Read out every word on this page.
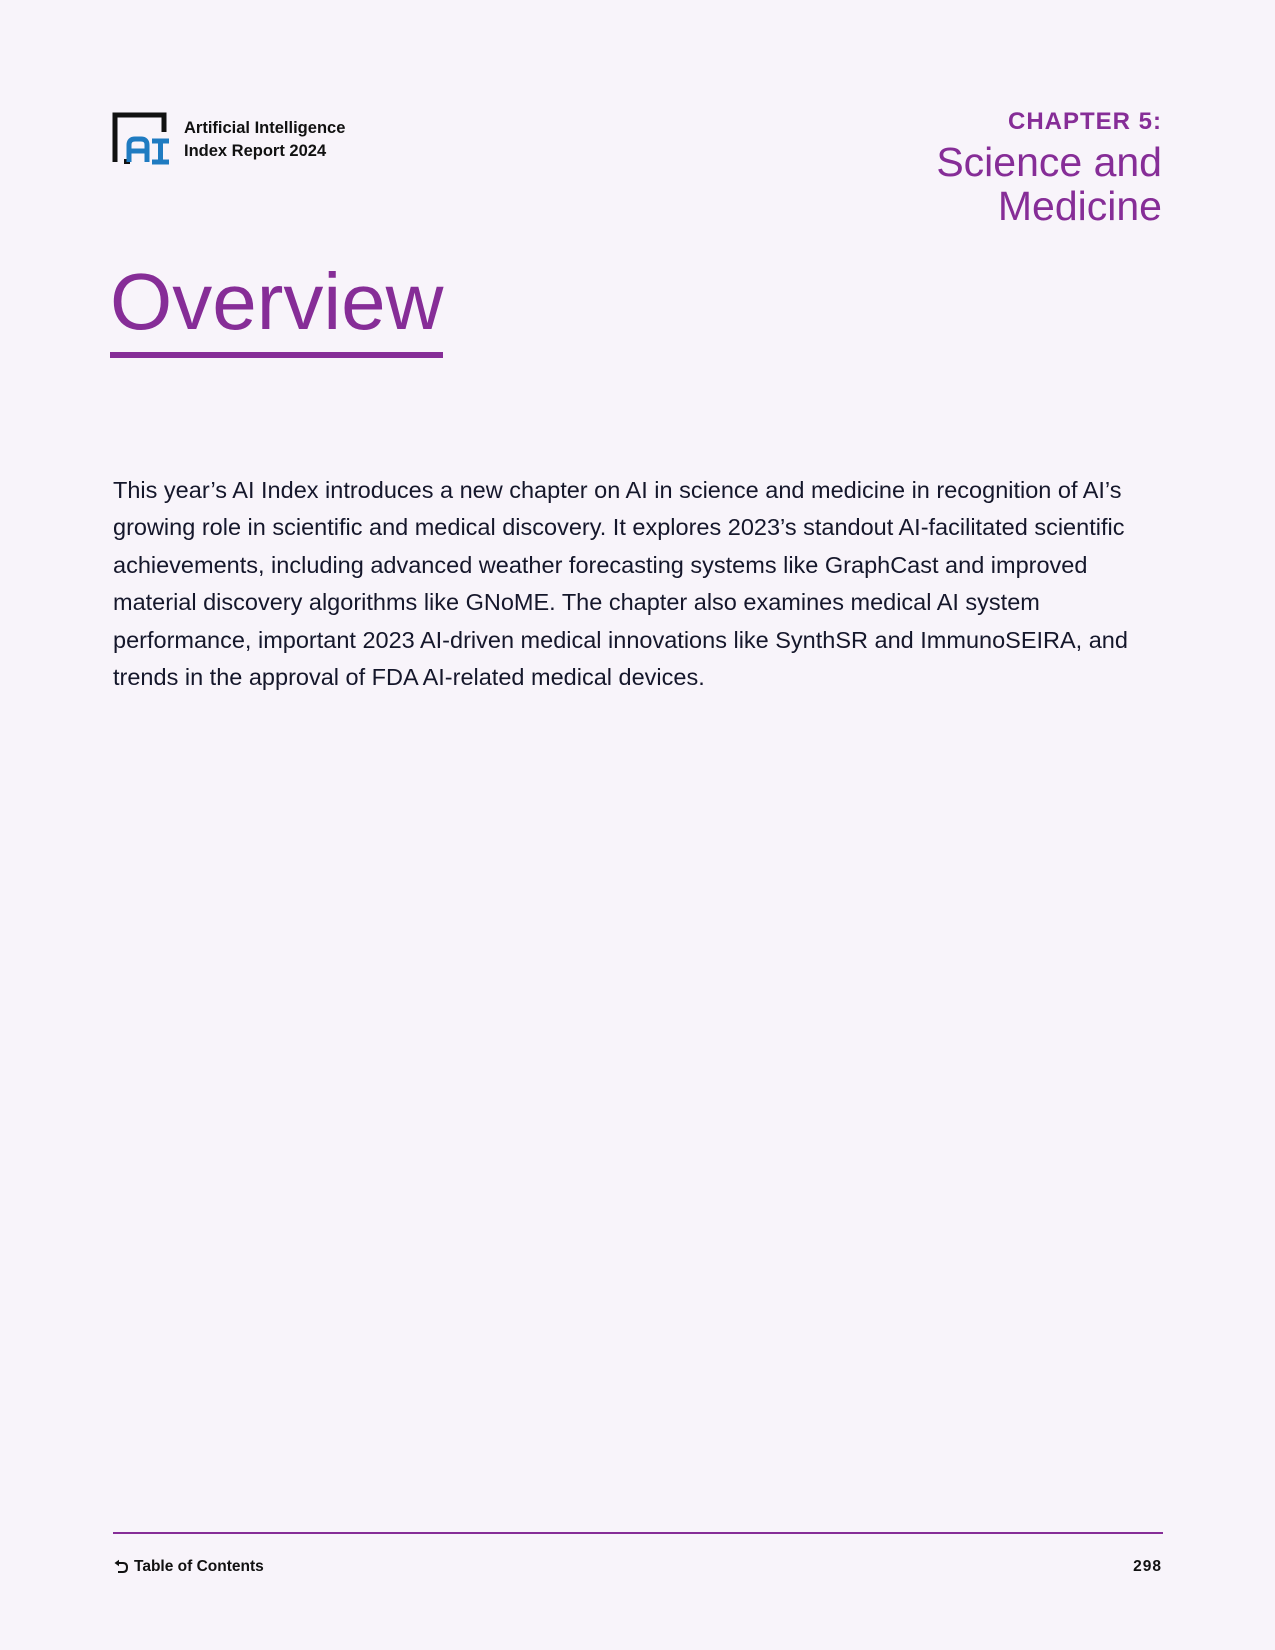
Artificial Intelligence
Index Report 2024
CHAPTER 5:
Science and
Medicine
Overview

This year’s AI Index introduces a new chapter on AI in science and medicine in recognition of AI’s growing role in scientific and medical discovery. It explores 2023’s standout AI-facilitated scientific achievements, including advanced weather forecasting systems like GraphCast and improved material discovery algorithms like GNoME. The chapter also examines medical AI system performance, important 2023 AI-driven medical innovations like SynthSR and ImmunoSEIRA, and trends in the approval of FDA AI-related medical devices.

Table of Contents	298
